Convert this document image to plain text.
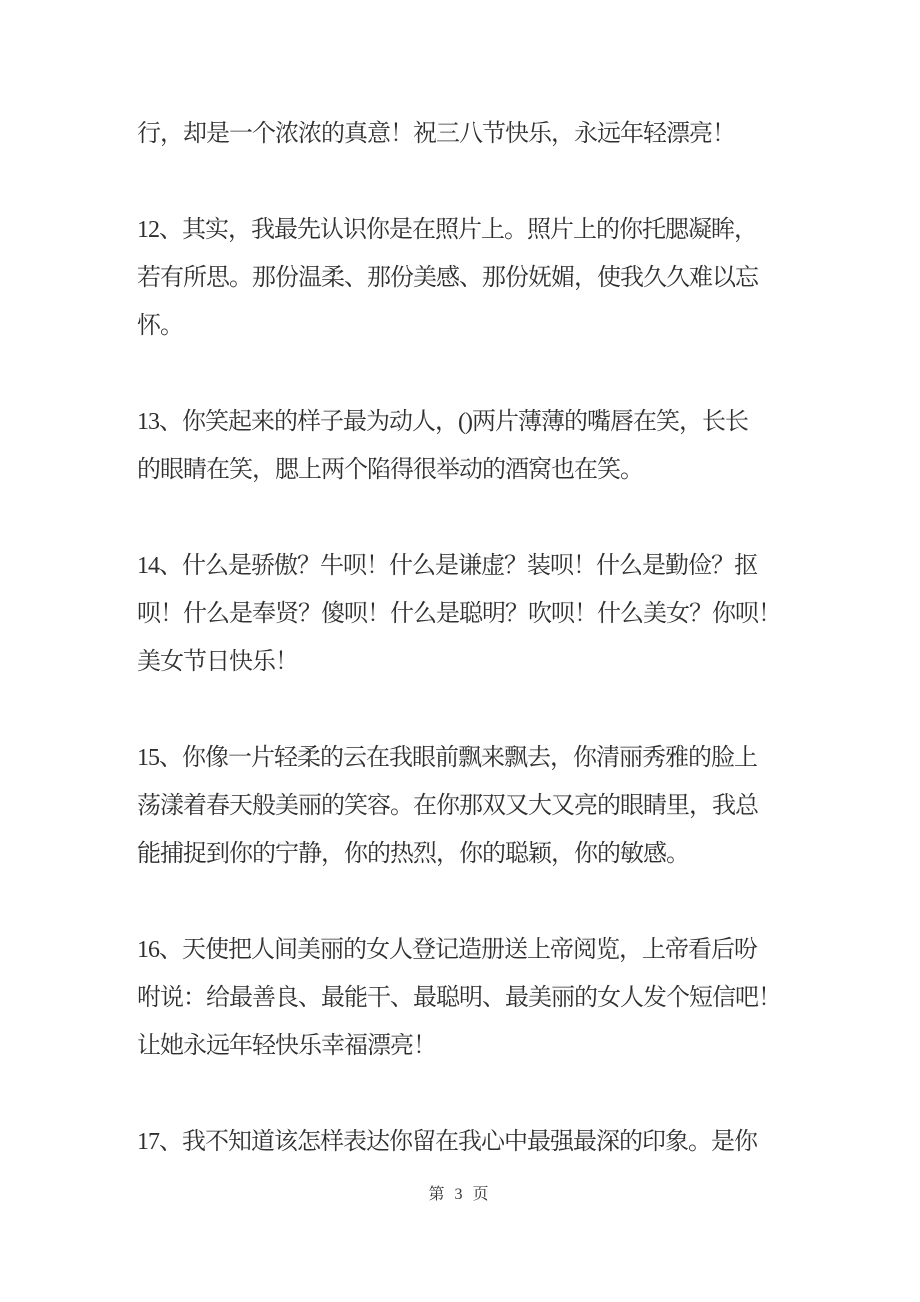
行，却是一个浓浓的真意！祝三八节快乐，永远年轻漂亮！
12、其实，我最先认识你是在照片上。照片上的你托腮凝眸，
若有所思。那份温柔、那份美感、那份妩媚，使我久久难以忘
怀。
13、你笑起来的样子最为动人，()两片薄薄的嘴唇在笑，长长
的眼睛在笑，腮上两个陷得很举动的酒窝也在笑。
14、什么是骄傲？牛呗！什么是谦虚？装呗！什么是勤俭？抠
呗！什么是奉贤？傻呗！什么是聪明？吹呗！什么美女？你呗！
美女节日快乐！
15、你像一片轻柔的云在我眼前飘来飘去，你清丽秀雅的脸上
荡漾着春天般美丽的笑容。在你那双又大又亮的眼睛里，我总
能捕捉到你的宁静，你的热烈，你的聪颖，你的敏感。
16、天使把人间美丽的女人登记造册送上帝阅览，上帝看后吩
咐说：给最善良、最能干、最聪明、最美丽的女人发个短信吧！
让她永远年轻快乐幸福漂亮！
17、我不知道该怎样表达你留在我心中最强最深的印象。是你
第 3 页
